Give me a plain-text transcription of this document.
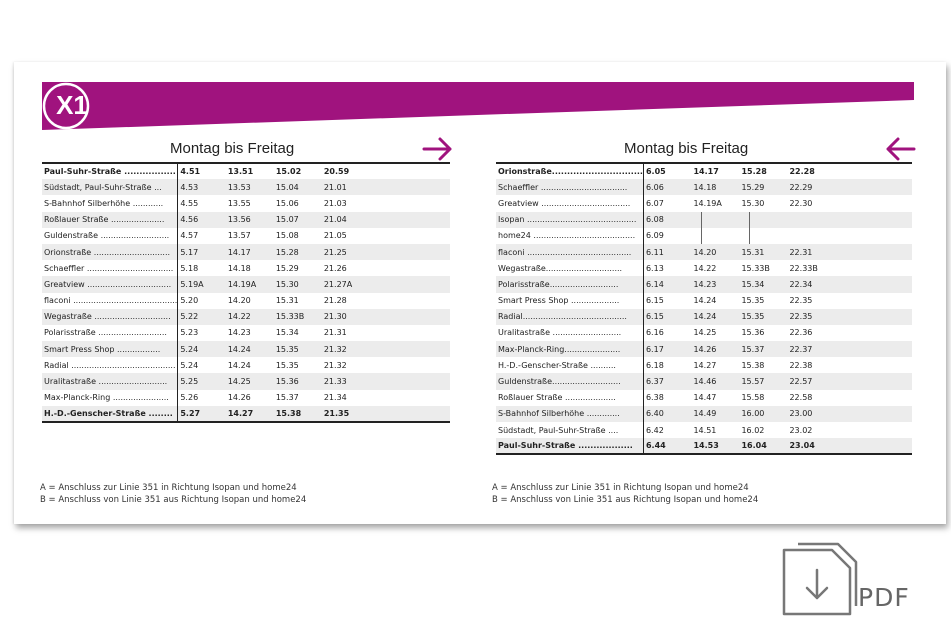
X1
Montag bis Freitag
Paul-Suhr-Straße .................	4.51	13.51	15.02	20.59
Südstadt, Paul-Suhr-Straße ...	4.53	13.53	15.04	21.01
S-Bahnhof Silberhöhe ............	4.55	13.55	15.06	21.03
Roßlauer Straße .....................	4.56	13.56	15.07	21.04
Guldenstraße ...........................	4.57	13.57	15.08	21.05
Orionstraße ..............................	5.17	14.17	15.28	21.25
Schaeffler ..................................	5.18	14.18	15.29	21.26
Greatview .................................	5.19A	14.19A	15.30	21.27A
flaconi .........................................	5.20	14.20	15.31	21.28
Wegastraße ..............................	5.22	14.22	15.33B	21.30
Polarisstraße ...........................	5.23	14.23	15.34	21.31
Smart Press Shop .................	5.24	14.24	15.35	21.32
Radial .........................................	5.24	14.24	15.35	21.32
Uralitastraße ...........................	5.25	14.25	15.36	21.33
Max-Planck-Ring ......................	5.26	14.26	15.37	21.34
H.-D.-Genscher-Straße ........	5.27	14.27	15.38	21.35
Montag bis Freitag
Orionstraße..............................	6.05	14.17	15.28	22.28
Schaeffler ..................................	6.06	14.18	15.29	22.29
Greatview ...................................	6.07	14.19A	15.30	22.30
Isopan ...........................................	6.08	

home24 ........................................	6.09	

flaconi .........................................	6.11	14.20	15.31	22.31
Wegastraße..............................	6.13	14.22	15.33B	22.33B
Polarisstraße...........................	6.14	14.23	15.34	22.34
Smart Press Shop ...................	6.15	14.24	15.35	22.35
Radial.........................................	6.15	14.24	15.35	22.35
Uralitastraße ...........................	6.16	14.25	15.36	22.36
Max-Planck-Ring......................	6.17	14.26	15.37	22.37
H.-D.-Genscher-Straße ..........	6.18	14.27	15.38	22.38
Guldenstraße...........................	6.37	14.46	15.57	22.57
Roßlauer Straße ....................	6.38	14.47	15.58	22.58
S-Bahnhof Silberhöhe .............	6.40	14.49	16.00	23.00
Südstadt, Paul-Suhr-Straße ....	6.42	14.51	16.02	23.02
Paul-Suhr-Straße ..................	6.44	14.53	16.04	23.04
A = Anschluss zur Linie 351 in Richtung Isopan und home24
B = Anschluss von Linie 351 aus Richtung Isopan und home24
A = Anschluss zur Linie 351 in Richtung Isopan und home24
B = Anschluss von Linie 351 aus Richtung Isopan und home24
PDF
